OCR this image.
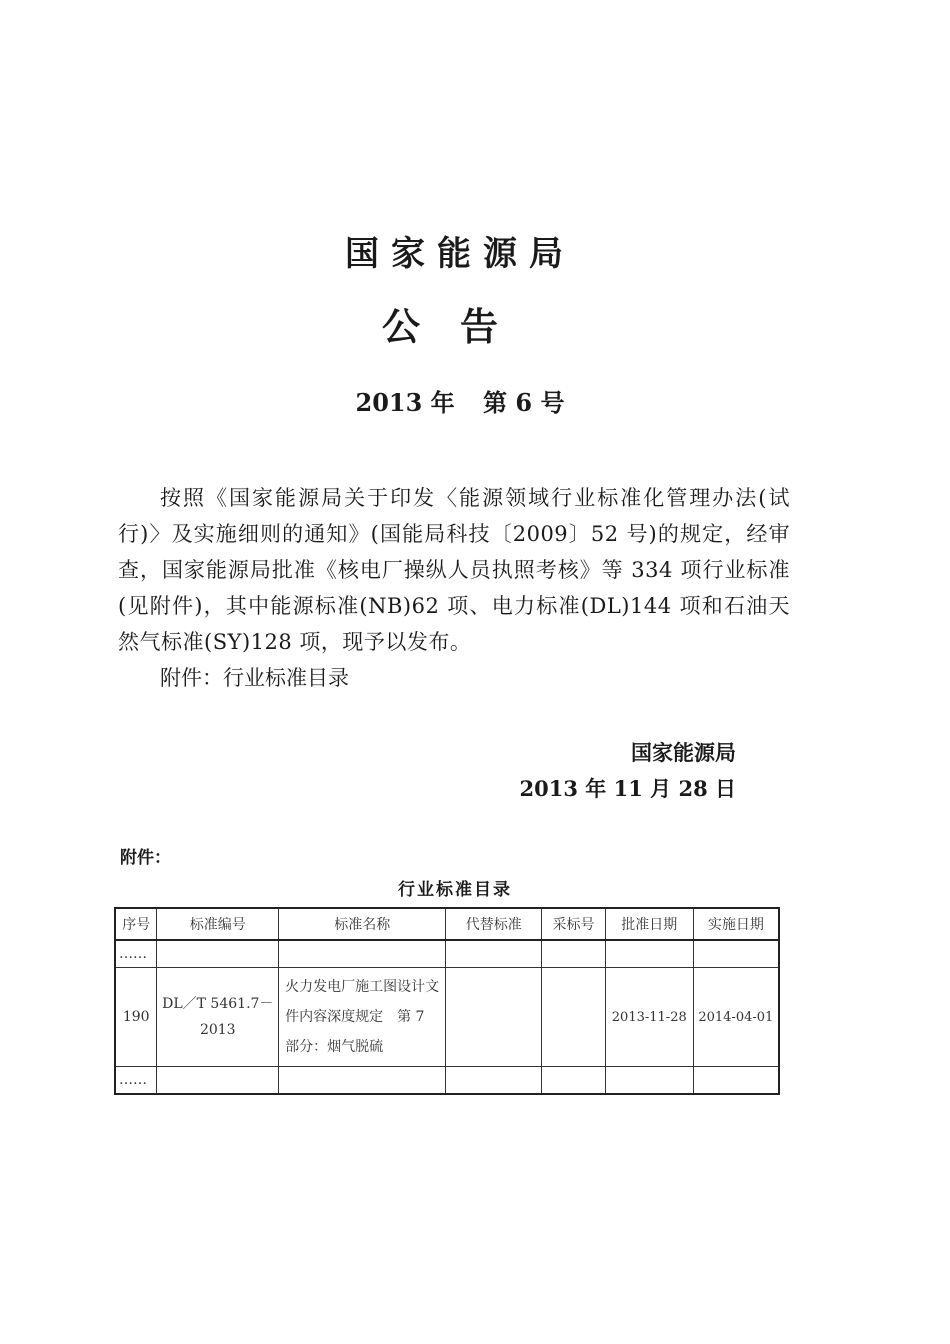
国家能源局
公告
2013 年 第 6 号
按照《国家能源局关于印发〈能源领域行业标准化管理办法(试行)〉及实施细则的通知》(国能局科技〔2009〕52 号)的规定，经审查，国家能源局批准《核电厂操纵人员执照考核》等 334 项行业标准(见附件)，其中能源标准(NB)62 项、电力标准(DL)144 项和石油天然气标准(SY)128 项，现予以发布。
附件：行业标准目录
国家能源局
2013 年 11 月 28 日
附件：
行业标准目录
序号	标准编号	标准名称	代替标准	采标号	批准日期	实施日期
……						
190	DL／T 5461.7－2013	火力发电厂施工图设计文件内容深度规定　第 7 部分：烟气脱硫			2013-11-28	2014-04-01
……						
